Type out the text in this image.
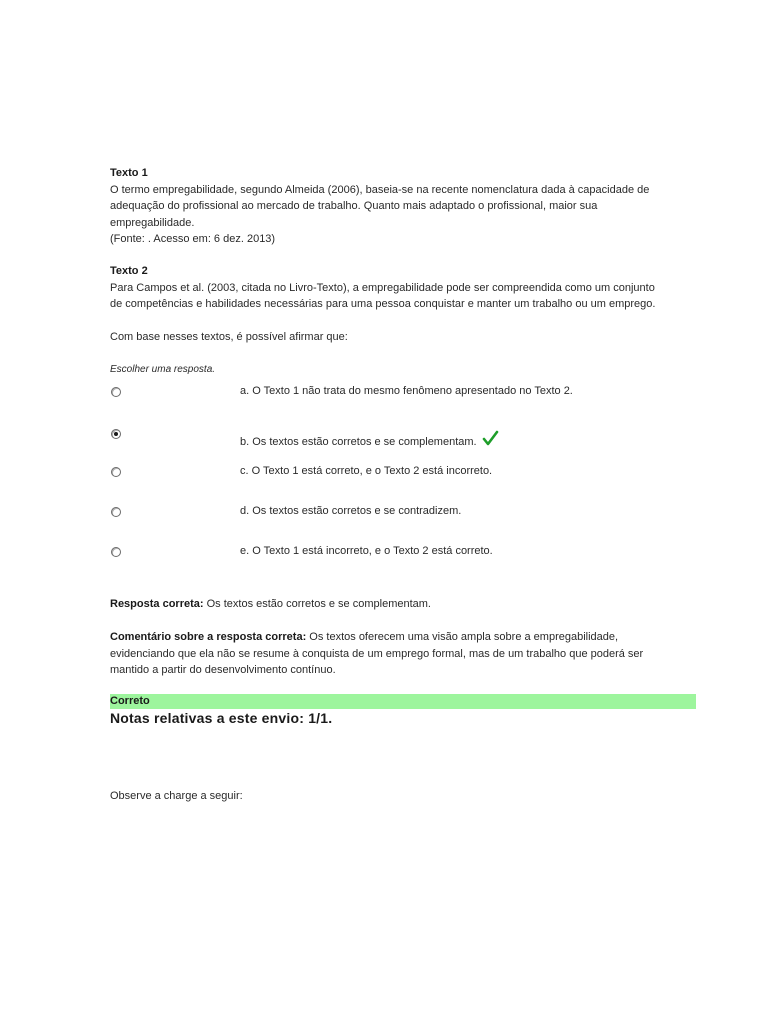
Texto 1

O termo empregabilidade, segundo Almeida (2006), baseia-se na recente nomenclatura dada à capacidade de

adequação do profissional ao mercado de trabalho. Quanto mais adaptado o profissional, maior sua

empregabilidade.

(Fonte: . Acesso em: 6 dez. 2013)

Texto 2

Para Campos et al. (2003, citada no Livro-Texto), a empregabilidade pode ser compreendida como um conjunto

de competências e habilidades necessárias para uma pessoa conquistar e manter um trabalho ou um emprego.

Com base nesses textos, é possível afirmar que:

Escolher uma resposta.
a. O Texto 1 não trata do mesmo fenômeno apresentado no Texto 2.
b. Os textos estão corretos e se complementam.
c. O Texto 1 está correto, e o Texto 2 está incorreto.
d. Os textos estão corretos e se contradizem.
e. O Texto 1 está incorreto, e o Texto 2 está correto.

Resposta correta: Os textos estão corretos e se complementam.

Comentário sobre a resposta correta: Os textos oferecem uma visão ampla sobre a empregabilidade,

evidenciando que ela não se resume à conquista de um emprego formal, mas de um trabalho que poderá ser

mantido a partir do desenvolvimento contínuo.

Correto
Notas relativas a este envio: 1/1.

Observe a charge a seguir:
